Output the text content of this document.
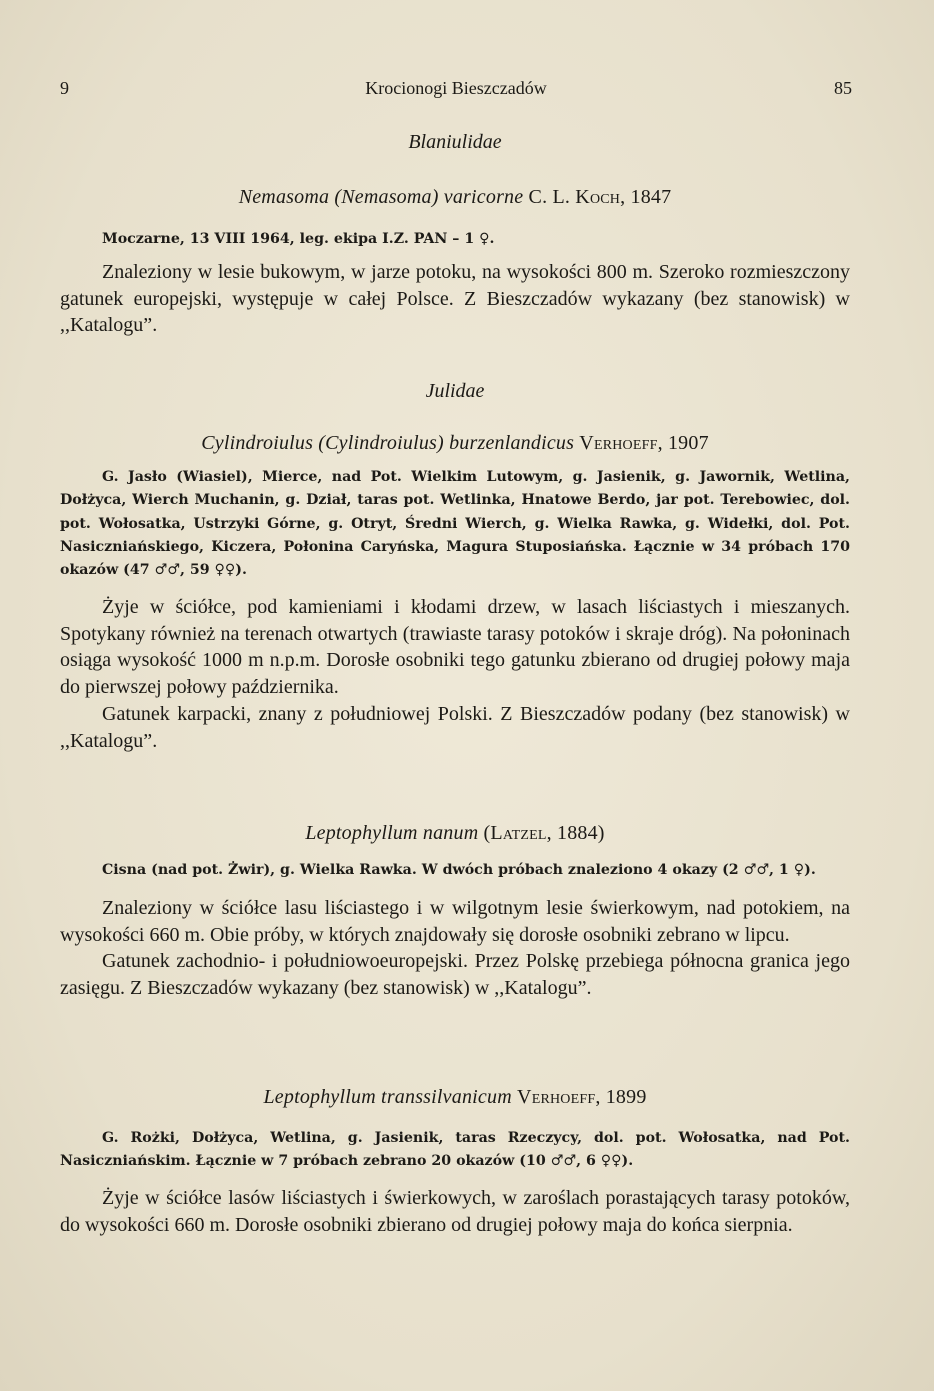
9	Krocionogi Bieszczadów	85
Blaniulidae
Nemasoma (Nemasoma) varicorne C. L. Koch, 1847

Moczarne, 13 VIII 1964, leg. ekipa I.Z. PAN – 1 ♀.

Znaleziony w lesie bukowym, w jarze potoku, na wysokości 800 m. Szeroko rozmieszczony gatunek europejski, występuje w całej Polsce. Z Bieszczadów wykazany (bez stanowisk) w ,,Katalogu”.

Julidae
Cylindroiulus (Cylindroiulus) burzenlandicus Verhoeff, 1907

G. Jasło (Wiasiel), Mierce, nad Pot. Wielkim Lutowym, g. Jasienik, g. Jawornik, Wetlina, Dołżyca, Wierch Muchanin, g. Dział, taras pot. Wetlinka, Hnatowe Berdo, jar pot. Terebowiec, dol. pot. Wołosatka, Ustrzyki Górne, g. Otryt, Średni Wierch, g. Wielka Rawka, g. Widełki, dol. Pot. Nasiczniańskiego, Kiczera, Połonina Caryńska, Magura Stuposiańska. Łącznie w 34 próbach 170 okazów (47 ♂♂, 59 ♀♀).

Żyje w ściółce, pod kamieniami i kłodami drzew, w lasach liściastych i mieszanych. Spotykany również na terenach otwartych (trawiaste tarasy potoków i skraje dróg). Na połoninach osiąga wysokość 1000 m n.p.m. Dorosłe osobniki tego gatunku zbierano od drugiej połowy maja do pierwszej połowy października.

Gatunek karpacki, znany z południowej Polski. Z Bieszczadów podany (bez stanowisk) w ,,Katalogu”.

Leptophyllum nanum (Latzel, 1884)

Cisna (nad pot. Żwir), g. Wielka Rawka. W dwóch próbach znaleziono 4 okazy (2 ♂♂, 1 ♀).

Znaleziony w ściółce lasu liściastego i w wilgotnym lesie świerkowym, nad potokiem, na wysokości 660 m. Obie próby, w których znajdowały się dorosłe osobniki zebrano w lipcu.

Gatunek zachodnio- i południowoeuropejski. Przez Polskę przebiega północna granica jego zasięgu. Z Bieszczadów wykazany (bez stanowisk) w ,,Katalogu”.

Leptophyllum transsilvanicum Verhoeff, 1899

G. Rożki, Dołżyca, Wetlina, g. Jasienik, taras Rzeczycy, dol. pot. Wołosatka, nad Pot. Nasiczniańskim. Łącznie w 7 próbach zebrano 20 okazów (10 ♂♂, 6 ♀♀).

Żyje w ściółce lasów liściastych i świerkowych, w zaroślach porastających tarasy potoków, do wysokości 660 m. Dorosłe osobniki zbierano od drugiej połowy maja do końca sierpnia.
